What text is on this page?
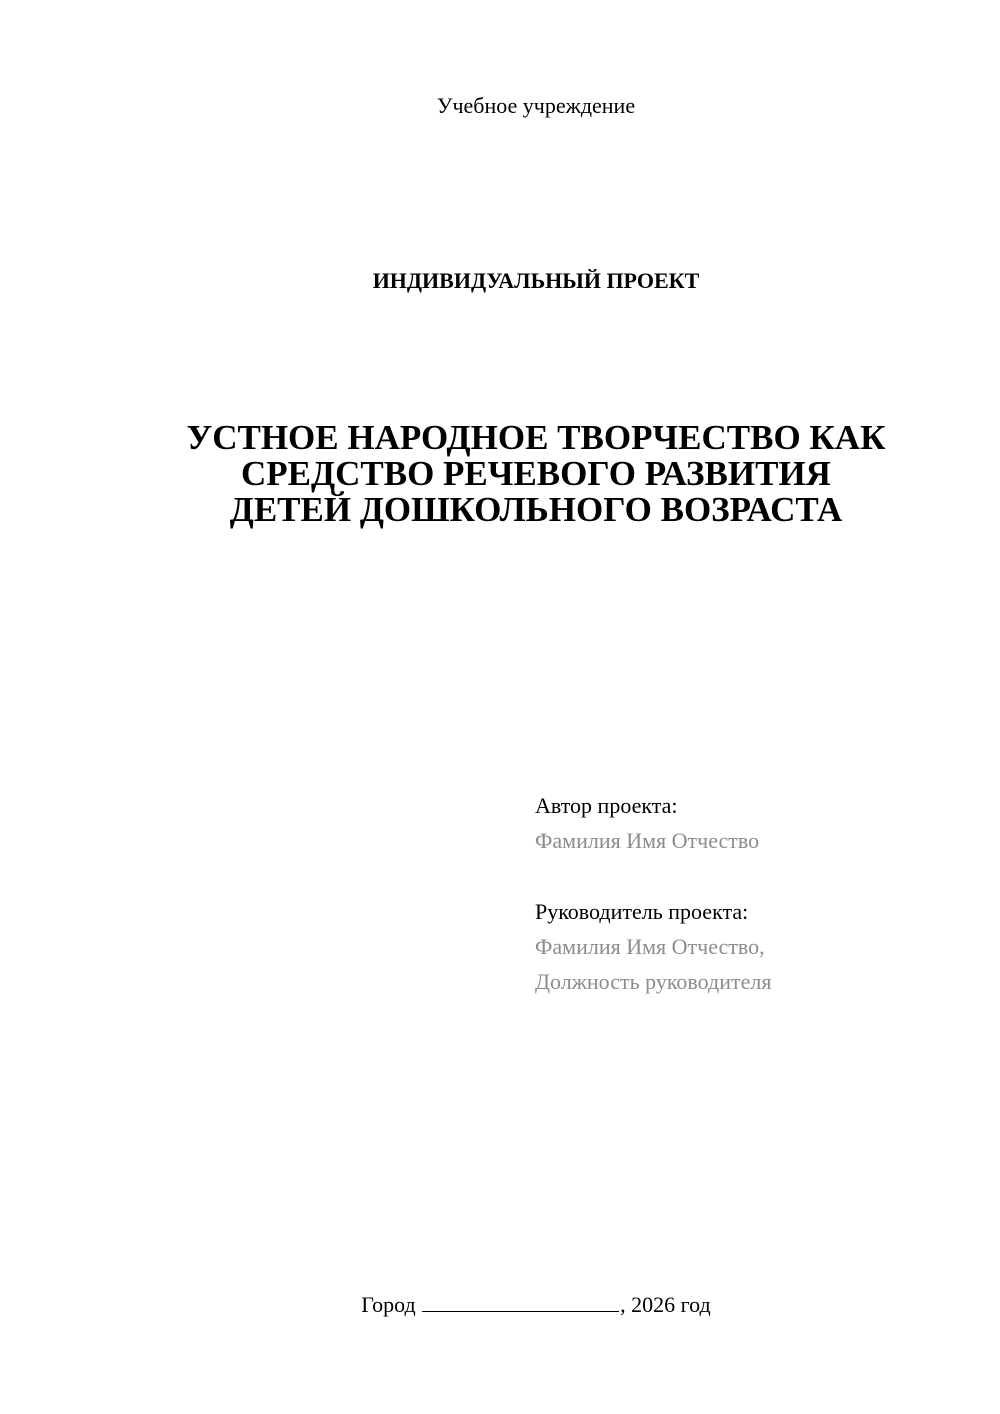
Учебное учреждение
ИНДИВИДУАЛЬНЫЙ ПРОЕКТ
УСТНОЕ НАРОДНОЕ ТВОРЧЕСТВО КАК
СРЕДСТВО РЕЧЕВОГО РАЗВИТИЯ
ДЕТЕЙ ДОШКОЛЬНОГО ВОЗРАСТА
Автор проекта:
Фамилия Имя Отчество
Руководитель проекта:
Фамилия Имя Отчество,
Должность руководителя
Город	, 2026 год
